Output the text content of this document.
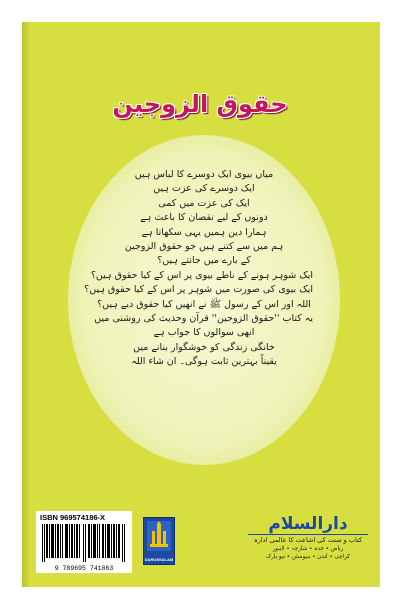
حقوق الزوجین
میاں بیوی ایک دوسرے کا لباس ہیں
ایک دوسرے کی عزت ہیں
ایک کی عزت میں کمی
دونوں کے لیے نقصان کا باعث ہے
ہمارا دین ہمیں یہی سکھاتا ہے
ہم میں سے کتنے ہیں جو حقوق الزوجین
کے بارے میں جانتے ہیں؟
ایک شوہر ہونے کے ناطے بیوی پر اس کے کیا حقوق ہیں؟
ایک بیوی کی صورت میں شوہر پر اس کے کیا حقوق ہیں؟
اللہ اور اس کے رسول ﷺ نے انھیں کیا حقوق دیے ہیں؟
یہ کتاب ''حقوق الزوجین'' قرآن وحدیث کی روشنی میں
انھی سوالوں کا جواب ہے
خانگی زندگی کو خوشگوار بنانے میں
یقیناً بہترین ثابت ہوگی۔ ان شاء اللہ
ISBN 969574186-X
9 789695 741863
DARUSSALAM
دارالسلام
کتاب و سنت کی اشاعت کا عالمی ادارہ
ریاض • جدہ • شارجہ • لاہور
کراچی • لندن • ہیوسٹن • نیو یارک
